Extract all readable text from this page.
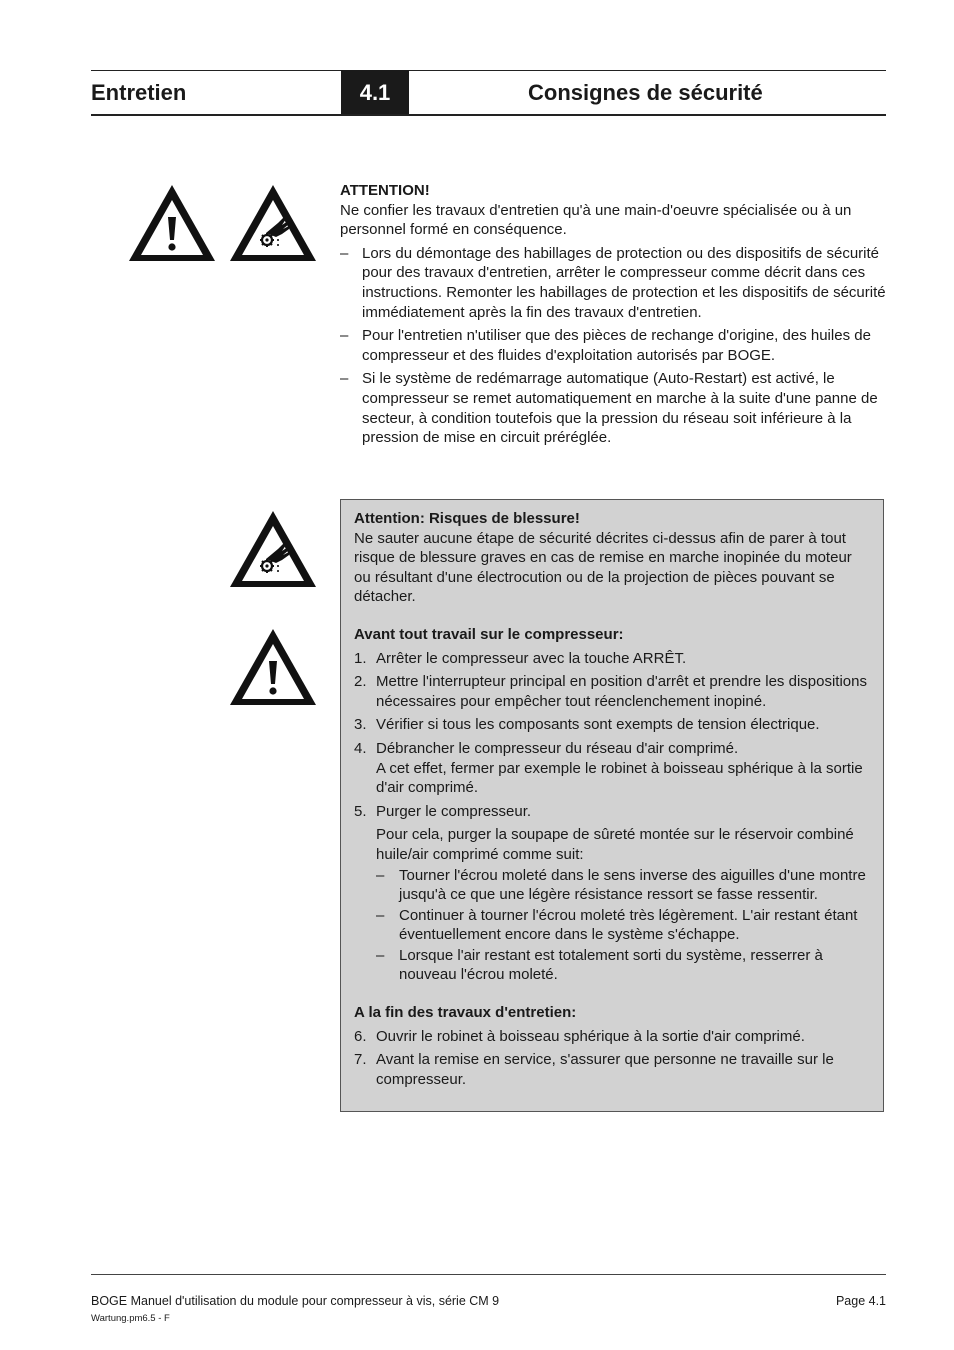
Entretien	4.1	Consignes de sécurité

ATTENTION!

Ne confier les travaux d'entretien qu'à une main-d'oeuvre spécialisée ou à un personnel formé en conséquence.

– Lors du démontage des habillages de protection ou des dispositifs de sécurité pour des travaux d'entretien, arrêter le compresseur comme décrit dans ces instructions. Remonter les habillages de protection et les dispositifs de sécurité immédiatement après la fin des travaux d'entretien.
– Pour l'entretien n'utiliser que des pièces de rechange d'origine, des huiles de compresseur et des fluides d'exploitation autorisés par BOGE.
– Si le système de redémarrage automatique (Auto-Restart) est activé, le compresseur se remet automatiquement en marche à la suite d'une panne de secteur, à condition toutefois que la pression du réseau soit inférieure à la pression de mise en circuit préréglée.

Attention: Risques de blessure!

Ne sauter aucune étape de sécurité décrites ci-dessus afin de parer à tout risque de blessure graves en cas de remise en marche inopinée du moteur ou résultant d'une électrocution ou de la projection de pièces pouvant se détacher.

Avant tout travail sur le compresseur:

1. Arrêter le compresseur avec la touche ARRÊT.
2. Mettre l'interrupteur principal en position d'arrêt et prendre les dispositions nécessaires pour empêcher tout réenclenchement inopiné.
3. Vérifier si tous les composants sont exempts de tension électrique.
4. Débrancher le compresseur du réseau d'air comprimé.
A cet effet, fermer par exemple le robinet à boisseau sphérique à la sortie d'air comprimé.
5. Purger le compresseur.

Pour cela, purger la soupape de sûreté montée sur le réservoir combiné huile/air comprimé comme suit:

– Tourner l'écrou moleté dans le sens inverse des aiguilles d'une montre jusqu'à ce que une légère résistance ressort se fasse ressentir.
– Continuer à tourner l'écrou moleté très légèrement. L'air restant étant éventuellement encore dans le système s'échappe.
– Lorsque l'air restant est totalement sorti du système, resserrer à nouveau l'écrou moleté.

A la fin des travaux d'entretien:

6. Ouvrir le robinet à boisseau sphérique à la sortie d'air comprimé.
7. Avant la remise en service, s'assurer que personne ne travaille sur le compresseur.
BOGE Manuel d'utilisation du module pour compresseur à vis, série CM 9
Wartung.pm6.5 - F
Page 4.1
